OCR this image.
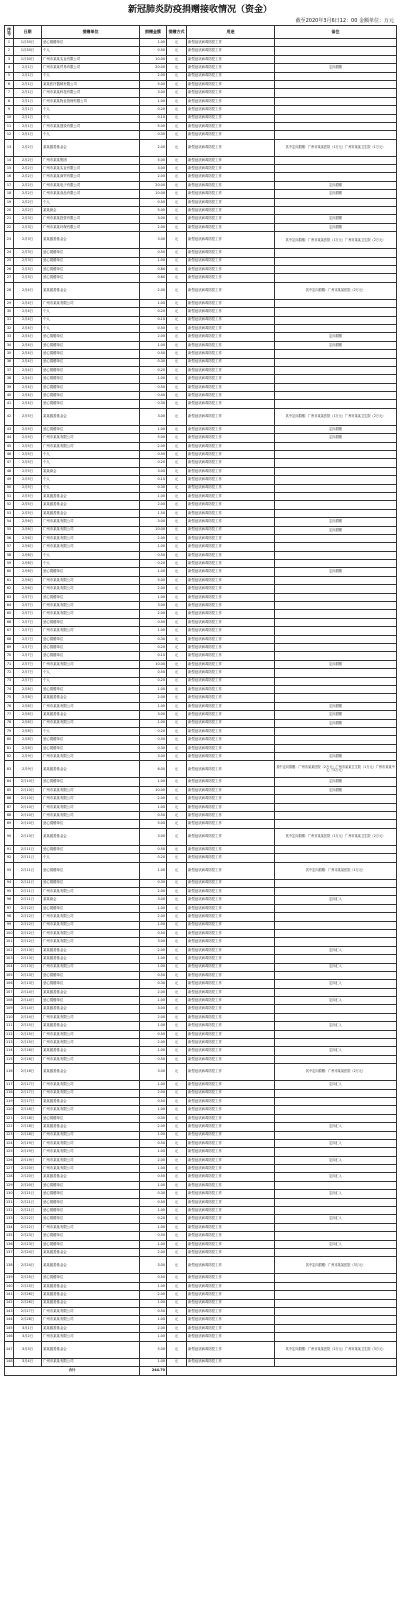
新冠肺炎防疫捐赠接收情况（资金）
截至2020年3月6日12：00 金额单位：万元
序号	日期	捐赠单位	捐赠金额	捐赠方式	用途	备注
1	1月30日	爱心捐赠单位	1.00	元	新型冠状病毒防控工作	
2	1月30日	个人	0.50	元	新型冠状病毒防控工作	
3	1月30日	广州市某某实业有限公司	10.00	元	新型冠状病毒防控工作	
4	2月1日	广州市某某贸易有限公司	20.00	元	新型冠状病毒防控工作	定向捐赠
5	2月1日	个人	2.00	元	新型冠状病毒防控工作	
6	2月1日	某某医疗器械有限公司	5.00	元	新型冠状病毒防控工作	
7	2月1日	广州市某某科技有限公司	3.00	元	新型冠状病毒防控工作	
8	2月1日	广州市某某物业管理有限公司	1.00	元	新型冠状病毒防控工作	
9	2月1日	个人	0.20	元	新型冠状病毒防控工作	
10	2月1日	个人	0.10	元	新型冠状病毒防控工作	
11	2月1日	广州市某某建设有限公司	5.00	元	新型冠状病毒防控工作	
12	2月1日	个人	0.30	元	新型冠状病毒防控工作	
13	2月2日	某某慈善基金会	2.00	元	新型冠状病毒防控工作	其中定向捐赠：广州市某某医院（1万元）广州市某某卫生院（1万元）
14	2月2日	广州市某某集团	5.00	元	新型冠状病毒防控工作	
15	2月2日	广州市某某实业有限公司	3.00	元	新型冠状病毒防控工作	
16	2月2日	广州市某某商贸有限公司	2.00	元	新型冠状病毒防控工作	
17	2月2日	广州市某某电子有限公司	20.00	元	新型冠状病毒防控工作	定向捐赠
18	2月2日	广州市某某食品有限公司	10.00	元	新型冠状病毒防控工作	定向捐赠
19	2月2日	个人	0.50	元	新型冠状病毒防控工作	
20	2月2日	某某商会	5.00	元	新型冠状病毒防控工作	
21	2月3日	广州市某某投资有限公司	3.00	元	新型冠状病毒防控工作	定向捐赠
22	2月3日	广州市某某环保有限公司	2.00	元	新型冠状病毒防控工作	定向捐赠
23	2月3日	某某慈善基金会	3.00	元	新型冠状病毒防控工作	其中定向捐赠：广州市某某医院（1万元）广州市某某卫生院（2万元）
24	2月3日	爱心捐赠单位	0.50	元	新型冠状病毒防控工作	
25	2月3日	爱心捐赠单位	1.00	元	新型冠状病毒防控工作	
26	2月3日	爱心捐赠单位	0.80	元	新型冠状病毒防控工作	
27	2月3日	爱心捐赠单位	0.60	元	新型冠状病毒防控工作	
28	2月4日	某某慈善基金会	2.00	元	新型冠状病毒防控工作	其中定向捐赠：广州市某某医院（2万元）
29	2月4日	广州市某某有限公司	1.00	元	新型冠状病毒防控工作	
30	2月4日	个人	0.20	元	新型冠状病毒防控工作	
31	2月4日	个人	0.10	元	新型冠状病毒防控工作	
32	2月4日	个人	0.50	元	新型冠状病毒防控工作	
33	2月4日	爱心捐赠单位	2.00	元	新型冠状病毒防控工作	定向捐赠
34	2月4日	爱心捐赠单位	1.00	元	新型冠状病毒防控工作	定向捐赠
35	2月4日	爱心捐赠单位	0.50	元	新型冠状病毒防控工作	
36	2月4日	爱心捐赠单位	0.30	元	新型冠状病毒防控工作	
37	2月4日	爱心捐赠单位	0.20	元	新型冠状病毒防控工作	
38	2月4日	爱心捐赠单位	1.00	元	新型冠状病毒防控工作	
39	2月4日	爱心捐赠单位	0.50	元	新型冠状病毒防控工作	
40	2月4日	爱心捐赠单位	0.40	元	新型冠状病毒防控工作	
41	2月4日	爱心捐赠单位	0.30	元	新型冠状病毒防控工作	
42	2月5日	某某慈善基金会	3.00	元	新型冠状病毒防控工作	其中定向捐赠：广州市某某医院（1万元）广州市某某卫生院（2万元）
43	2月5日	爱心捐赠单位	1.00	元	新型冠状病毒防控工作	定向捐赠
44	2月5日	广州市某某有限公司	5.00	元	新型冠状病毒防控工作	定向捐赠
45	2月5日	广州市某某有限公司	2.00	元	新型冠状病毒防控工作	
46	2月5日	个人	0.50	元	新型冠状病毒防控工作	
47	2月5日	个人	0.20	元	新型冠状病毒防控工作	
48	2月5日	某某商会	3.00	元	新型冠状病毒防控工作	
49	2月5日	个人	0.10	元	新型冠状病毒防控工作	
50	2月5日	个人	0.30	元	新型冠状病毒防控工作	
51	2月5日	某某慈善基金会	1.00	元	新型冠状病毒防控工作	
52	2月5日	某某慈善基金会	2.00	元	新型冠状病毒防控工作	
53	2月5日	某某慈善基金会	1.50	元	新型冠状病毒防控工作	
54	2月6日	广州市某某有限公司	3.00	元	新型冠状病毒防控工作	定向捐赠
55	2月6日	广州市某某有限公司	10.00	元	新型冠状病毒防控工作	定向捐赠
56	2月6日	广州市某某有限公司	2.00	元	新型冠状病毒防控工作	
57	2月6日	广州市某某有限公司	1.00	元	新型冠状病毒防控工作	
58	2月6日	个人	0.50	元	新型冠状病毒防控工作	
59	2月6日	个人	0.20	元	新型冠状病毒防控工作	
60	2月6日	爱心捐赠单位	1.00	元	新型冠状病毒防控工作	定向捐赠
61	2月6日	广州市某某有限公司	5.00	元	新型冠状病毒防控工作	
62	2月6日	广州市某某有限公司	2.00	元	新型冠状病毒防控工作	
63	2月7日	爱心捐赠单位	1.00	元	新型冠状病毒防控工作	
64	2月7日	广州市某某有限公司	3.00	元	新型冠状病毒防控工作	
65	2月7日	广州市某某有限公司	2.00	元	新型冠状病毒防控工作	
66	2月7日	爱心捐赠单位	0.50	元	新型冠状病毒防控工作	
67	2月7日	广州市某某有限公司	1.00	元	新型冠状病毒防控工作	
68	2月7日	爱心捐赠单位	0.30	元	新型冠状病毒防控工作	
69	2月7日	爱心捐赠单位	0.20	元	新型冠状病毒防控工作	
70	2月7日	爱心捐赠单位	0.10	元	新型冠状病毒防控工作	
71	2月7日	广州市某某有限公司	10.00	元	新型冠状病毒防控工作	定向捐赠
72	2月7日	个人	0.50	元	新型冠状病毒防控工作	
73	2月7日	个人	0.20	元	新型冠状病毒防控工作	
74	2月8日	爱心捐赠单位	1.00	元	新型冠状病毒防控工作	
75	2月8日	某某慈善基金会	2.00	元	新型冠状病毒防控工作	
76	2月8日	广州市某某有限公司	1.00	元	新型冠状病毒防控工作	定向捐赠
77	2月8日	某某慈善基金会	3.00	元	新型冠状病毒防控工作	定向捐赠
78	2月8日	广州市某某有限公司	1.00	元	新型冠状病毒防控工作	定向捐赠
79	2月8日	个人	0.20	元	新型冠状病毒防控工作	
80	2月8日	爱心捐赠单位	0.50	元	新型冠状病毒防控工作	
81	2月8日	爱心捐赠单位	0.30	元	新型冠状病毒防控工作	
82	2月9日	广州市某某有限公司	3.00	元	新型冠状病毒防控工作	定向捐赠
83	2月9日	某某慈善基金会	6.00	元	新型冠状病毒防控工作	其中定向捐赠：广州市某某医院（2万元）广州市某某卫生院（1万元）广州市某某中心（3万元）
84	2月10日	爱心捐赠单位	1.00	元	新型冠状病毒防控工作	定向捐赠
85	2月10日	广州市某某有限公司	10.00	元	新型冠状病毒防控工作	定向捐赠
86	2月10日	广州市某某有限公司	2.00	元	新型冠状病毒防控工作	
87	2月10日	广州市某某有限公司	1.00	元	新型冠状病毒防控工作	
88	2月10日	广州市某某有限公司	0.50	元	新型冠状病毒防控工作	
89	2月10日	爱心捐赠单位	5.00	元	新型冠状病毒防控工作	
90	2月10日	某某慈善基金会	3.00	元	新型冠状病毒防控工作	其中定向捐赠：广州市某某医院（1万元）广州市某某卫生院（2万元）
91	2月11日	爱心捐赠单位	0.50	元	新型冠状病毒防控工作	
92	2月11日	个人	0.20	元	新型冠状病毒防控工作	
93	2月11日	爱心捐赠单位	1.00	元	新型冠状病毒防控工作	其中定向捐赠：广州市某某医院（1万元）
94	2月11日	爱心捐赠单位	0.30	元	新型冠状病毒防控工作	
95	2月11日	广州市某某有限公司	2.00	元	新型冠状病毒防控工作	
96	2月11日	某某商会	3.00	元	新型冠状病毒防控工作	定向汇入
97	2月12日	爱心捐赠单位	1.00	元	新型冠状病毒防控工作	
98	2月12日	广州市某某有限公司	2.00	元	新型冠状病毒防控工作	
99	2月12日	广州市某某有限公司	1.00	元	新型冠状病毒防控工作	
100	2月12日	广州市某某有限公司	0.50	元	新型冠状病毒防控工作	
101	2月12日	广州市某某有限公司	3.00	元	新型冠状病毒防控工作	
102	2月13日	某某慈善基金会	2.00	元	新型冠状病毒防控工作	定向汇入
103	2月13日	某某慈善基金会	1.00	元	新型冠状病毒防控工作	
104	2月13日	广州市某某有限公司	1.00	元	新型冠状病毒防控工作	定向汇入
105	2月13日	爱心捐赠单位	0.50	元	新型冠状病毒防控工作	
106	2月13日	爱心捐赠单位	0.30	元	新型冠状病毒防控工作	定向汇入
107	2月14日	某某慈善基金会	2.00	元	新型冠状病毒防控工作	
108	2月14日	爱心捐赠单位	1.00	元	新型冠状病毒防控工作	定向汇入
109	2月14日	某某慈善基金会	3.00	元	新型冠状病毒防控工作	
110	2月14日	广州市某某有限公司	2.00	元	新型冠状病毒防控工作	
111	2月15日	某某慈善基金会	1.00	元	新型冠状病毒防控工作	定向汇入
112	2月15日	广州市某某有限公司	0.50	元	新型冠状病毒防控工作	
113	2月15日	广州市某某有限公司	2.00	元	新型冠状病毒防控工作	
114	2月16日	某某慈善基金会	1.00	元	新型冠状病毒防控工作	定向汇入
115	2月16日	广州市某某有限公司	0.50	元	新型冠状病毒防控工作	
116	2月16日	某某慈善基金会	3.00	元	新型冠状病毒防控工作	其中定向捐赠：广州市某某医院（2万元）
117	2月17日	广州市某某有限公司	1.00	元	新型冠状病毒防控工作	定向汇入
118	2月17日	广州市某某有限公司	2.00	元	新型冠状病毒防控工作	
119	2月17日	某某慈善基金会	0.50	元	新型冠状病毒防控工作	
120	2月18日	广州市某某有限公司	1.00	元	新型冠状病毒防控工作	
121	2月18日	爱心捐赠单位	0.30	元	新型冠状病毒防控工作	
122	2月18日	某某慈善基金会	2.00	元	新型冠状病毒防控工作	定向汇入
123	2月18日	广州市某某有限公司	1.00	元	新型冠状病毒防控工作	
124	2月19日	广州市某某有限公司	0.50	元	新型冠状病毒防控工作	定向汇入
125	2月19日	广州市某某有限公司	1.00	元	新型冠状病毒防控工作	
126	2月19日	广州市某某有限公司	2.00	元	新型冠状病毒防控工作	定向汇入
127	2月20日	广州市某某有限公司	1.00	元	新型冠状病毒防控工作	
128	2月20日	某某慈善基金会	0.50	元	新型冠状病毒防控工作	定向汇入
129	2月20日	爱心捐赠单位	1.00	元	新型冠状病毒防控工作	
130	2月21日	爱心捐赠单位	0.30	元	新型冠状病毒防控工作	定向汇入
131	2月21日	爱心捐赠单位	0.50	元	新型冠状病毒防控工作	
132	2月21日	爱心捐赠单位	1.00	元	新型冠状病毒防控工作	
133	2月22日	爱心捐赠单位	0.20	元	新型冠状病毒防控工作	定向汇入
134	2月22日	广州市某某有限公司	1.00	元	新型冠状病毒防控工作	
135	2月23日	爱心捐赠单位	0.50	元	新型冠状病毒防控工作	
136	2月23日	爱心捐赠单位	1.00	元	新型冠状病毒防控工作	定向汇入
137	2月24日	某某慈善基金会	2.00	元	新型冠状病毒防控工作	
138	2月24日	某某慈善基金会	3.00	元	新型冠状病毒防控工作	其中定向捐赠：广州市某某医院（3万元）
139	2月25日	爱心捐赠单位	0.50	元	新型冠状病毒防控工作	
140	2月25日	某某慈善基金会	1.00	元	新型冠状病毒防控工作	
141	2月26日	某某慈善基金会	2.00	元	新型冠状病毒防控工作	
142	2月26日	某某慈善基金会	1.00	元	新型冠状病毒防控工作	
143	2月27日	广州市某某有限公司	0.50	元	新型冠状病毒防控工作	
144	2月28日	广州市某某有限公司	1.00	元	新型冠状病毒防控工作	
145	3月1日	某某慈善基金会	2.00	元	新型冠状病毒防控工作	
146	3月2日	广州市某某有限公司	1.00	元	新型冠状病毒防控工作	
147	3月3日	某某慈善基金会	5.00	元	新型冠状病毒防控工作	其中定向捐赠：广州市某某医院（2万元）广州市某某卫生院（3万元）
148	3月4日	广州市某某有限公司	1.00	元	新型冠状病毒防控工作	
合计			244.70			
